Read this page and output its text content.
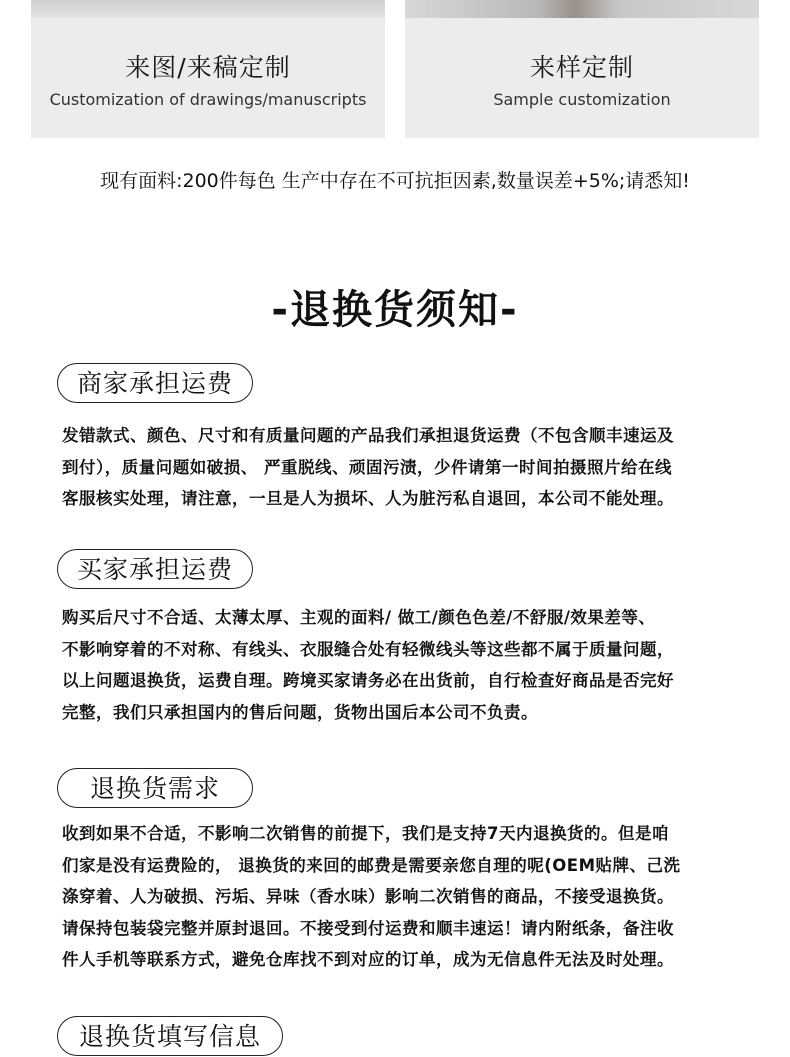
来图/来稿定制
Customization of drawings/manuscripts
来样定制
Sample customization
现有面料:200件每色 生产中存在不可抗拒因素,数量误差+5%;请悉知!
-退换货须知-
商家承担运费
发错款式、颜色、尺寸和有质量问题的产品我们承担退货运费（不包含顺丰速运及
到付），质量问题如破损、 严重脱线、顽固污渍，少件请第一时间拍摄照片给在线
客服核实处理，请注意，一旦是人为损坏、人为脏污私自退回，本公司不能处理。
买家承担运费
购买后尺寸不合适、太薄太厚、主观的面料/ 做工/颜色色差/不舒服/效果差等、
不影响穿着的不对称、有线头、衣服缝合处有轻微线头等这些都不属于质量问题，
以上问题退换货，运费自理。跨境买家请务必在出货前，自行检查好商品是否完好
完整，我们只承担国内的售后问题，货物出国后本公司不负责。
退换货需求
收到如果不合适，不影响二次销售的前提下，我们是支持7天内退换货的。但是咱
们家是没有运费险的， 退换货的来回的邮费是需要亲您自理的呢(OEM贴牌、己洗
涤穿着、人为破损、污垢、异味（香水味）影响二次销售的商品，不接受退换货。
请保持包装袋完整并原封退回。不接受到付运费和顺丰速运！请内附纸条，备注收
件人手机等联系方式，避免仓库找不到对应的订单，成为无信息件无法及时处理。
退换货填写信息
